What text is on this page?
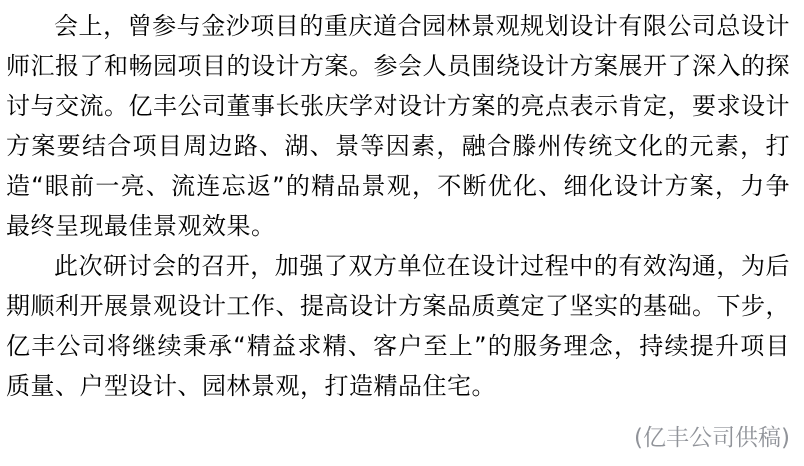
会上，曾参与金沙项目的重庆道合园林景观规划设计有限公司总设计师汇报了和畅园项目的设计方案。参会人员围绕设计方案展开了深入的探讨与交流。亿丰公司董事长张庆学对设计方案的亮点表示肯定，要求设计方案要结合项目周边路、湖、景等因素，融合滕州传统文化的元素，打造“眼前一亮、流连忘返”的精品景观，不断优化、细化设计方案，力争最终呈现最佳景观效果。

此次研讨会的召开，加强了双方单位在设计过程中的有效沟通，为后期顺利开展景观设计工作、提高设计方案品质奠定了坚实的基础。下步，亿丰公司将继续秉承“精益求精、客户至上”的服务理念，持续提升项目质量、户型设计、园林景观，打造精品住宅。

(亿丰公司供稿)
